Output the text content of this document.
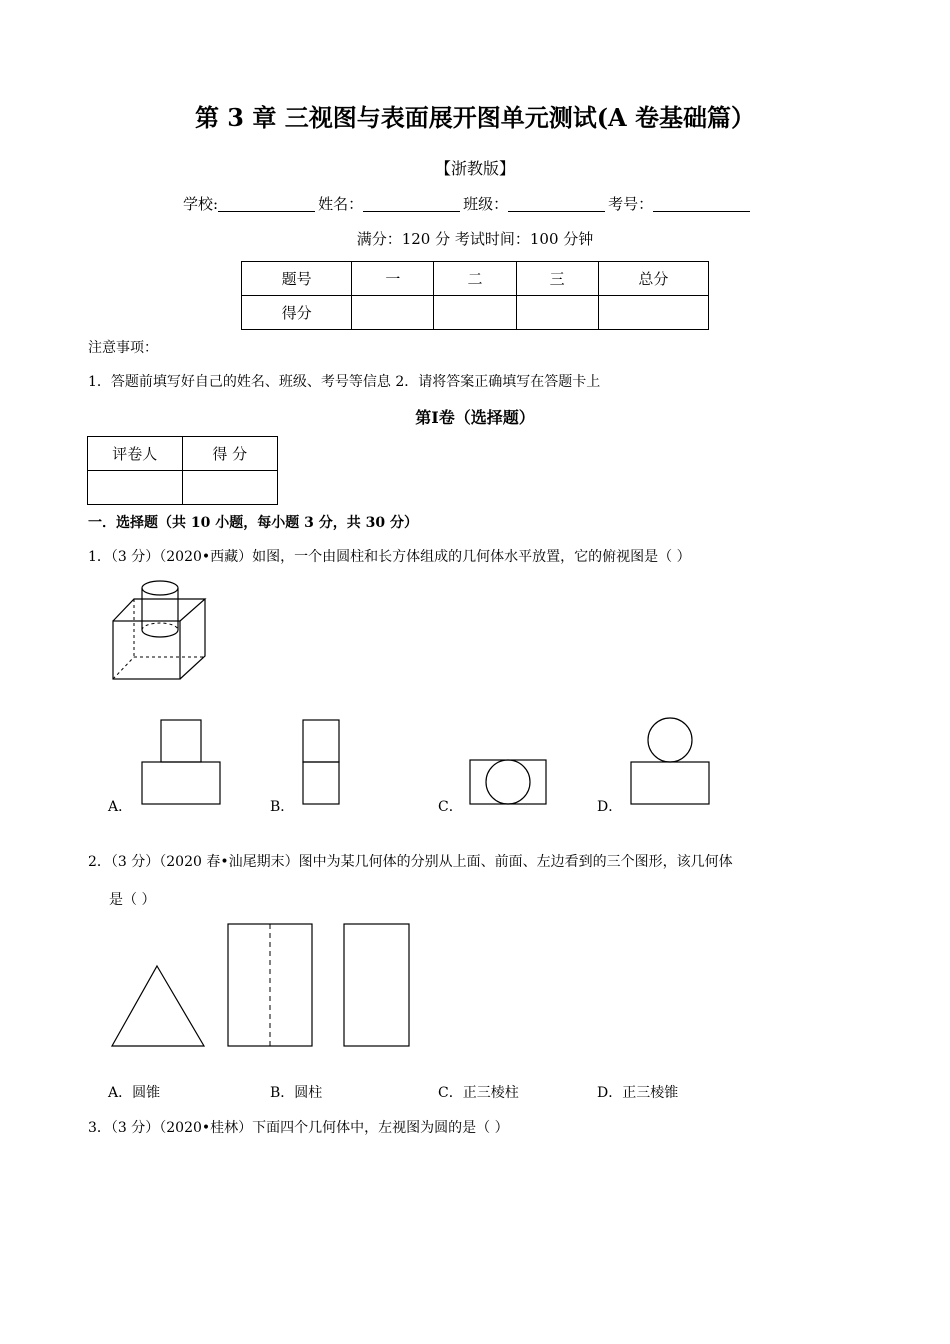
第 3 章 三视图与表面展开图单元测试(A 卷基础篇）
【浙教版】
学校:	姓名：	班级：	考号：
满分：120 分 考试时间：100 分钟
题号	一	二	三	总分
得分				
注意事项：
1．答题前填写好自己的姓名、班级、考号等信息 2．请将答案正确填写在答题卡上
第Ⅰ卷（选择题）
评卷人	得 分

一．选择题（共 10 小题，每小题 3 分，共 30 分）
1．（3 分）（2020•西藏）如图，一个由圆柱和长方体组成的几何体水平放置，它的俯视图是（ ）
A．	B．	C．	D．
2．（3 分）（2020 春•汕尾期末）图中为某几何体的分别从上面、前面、左边看到的三个图形，该几何体
是（ ）
A．圆锥	B．圆柱	C．正三棱柱	D．正三棱锥
3．（3 分）（2020•桂林）下面四个几何体中，左视图为圆的是（ ）
